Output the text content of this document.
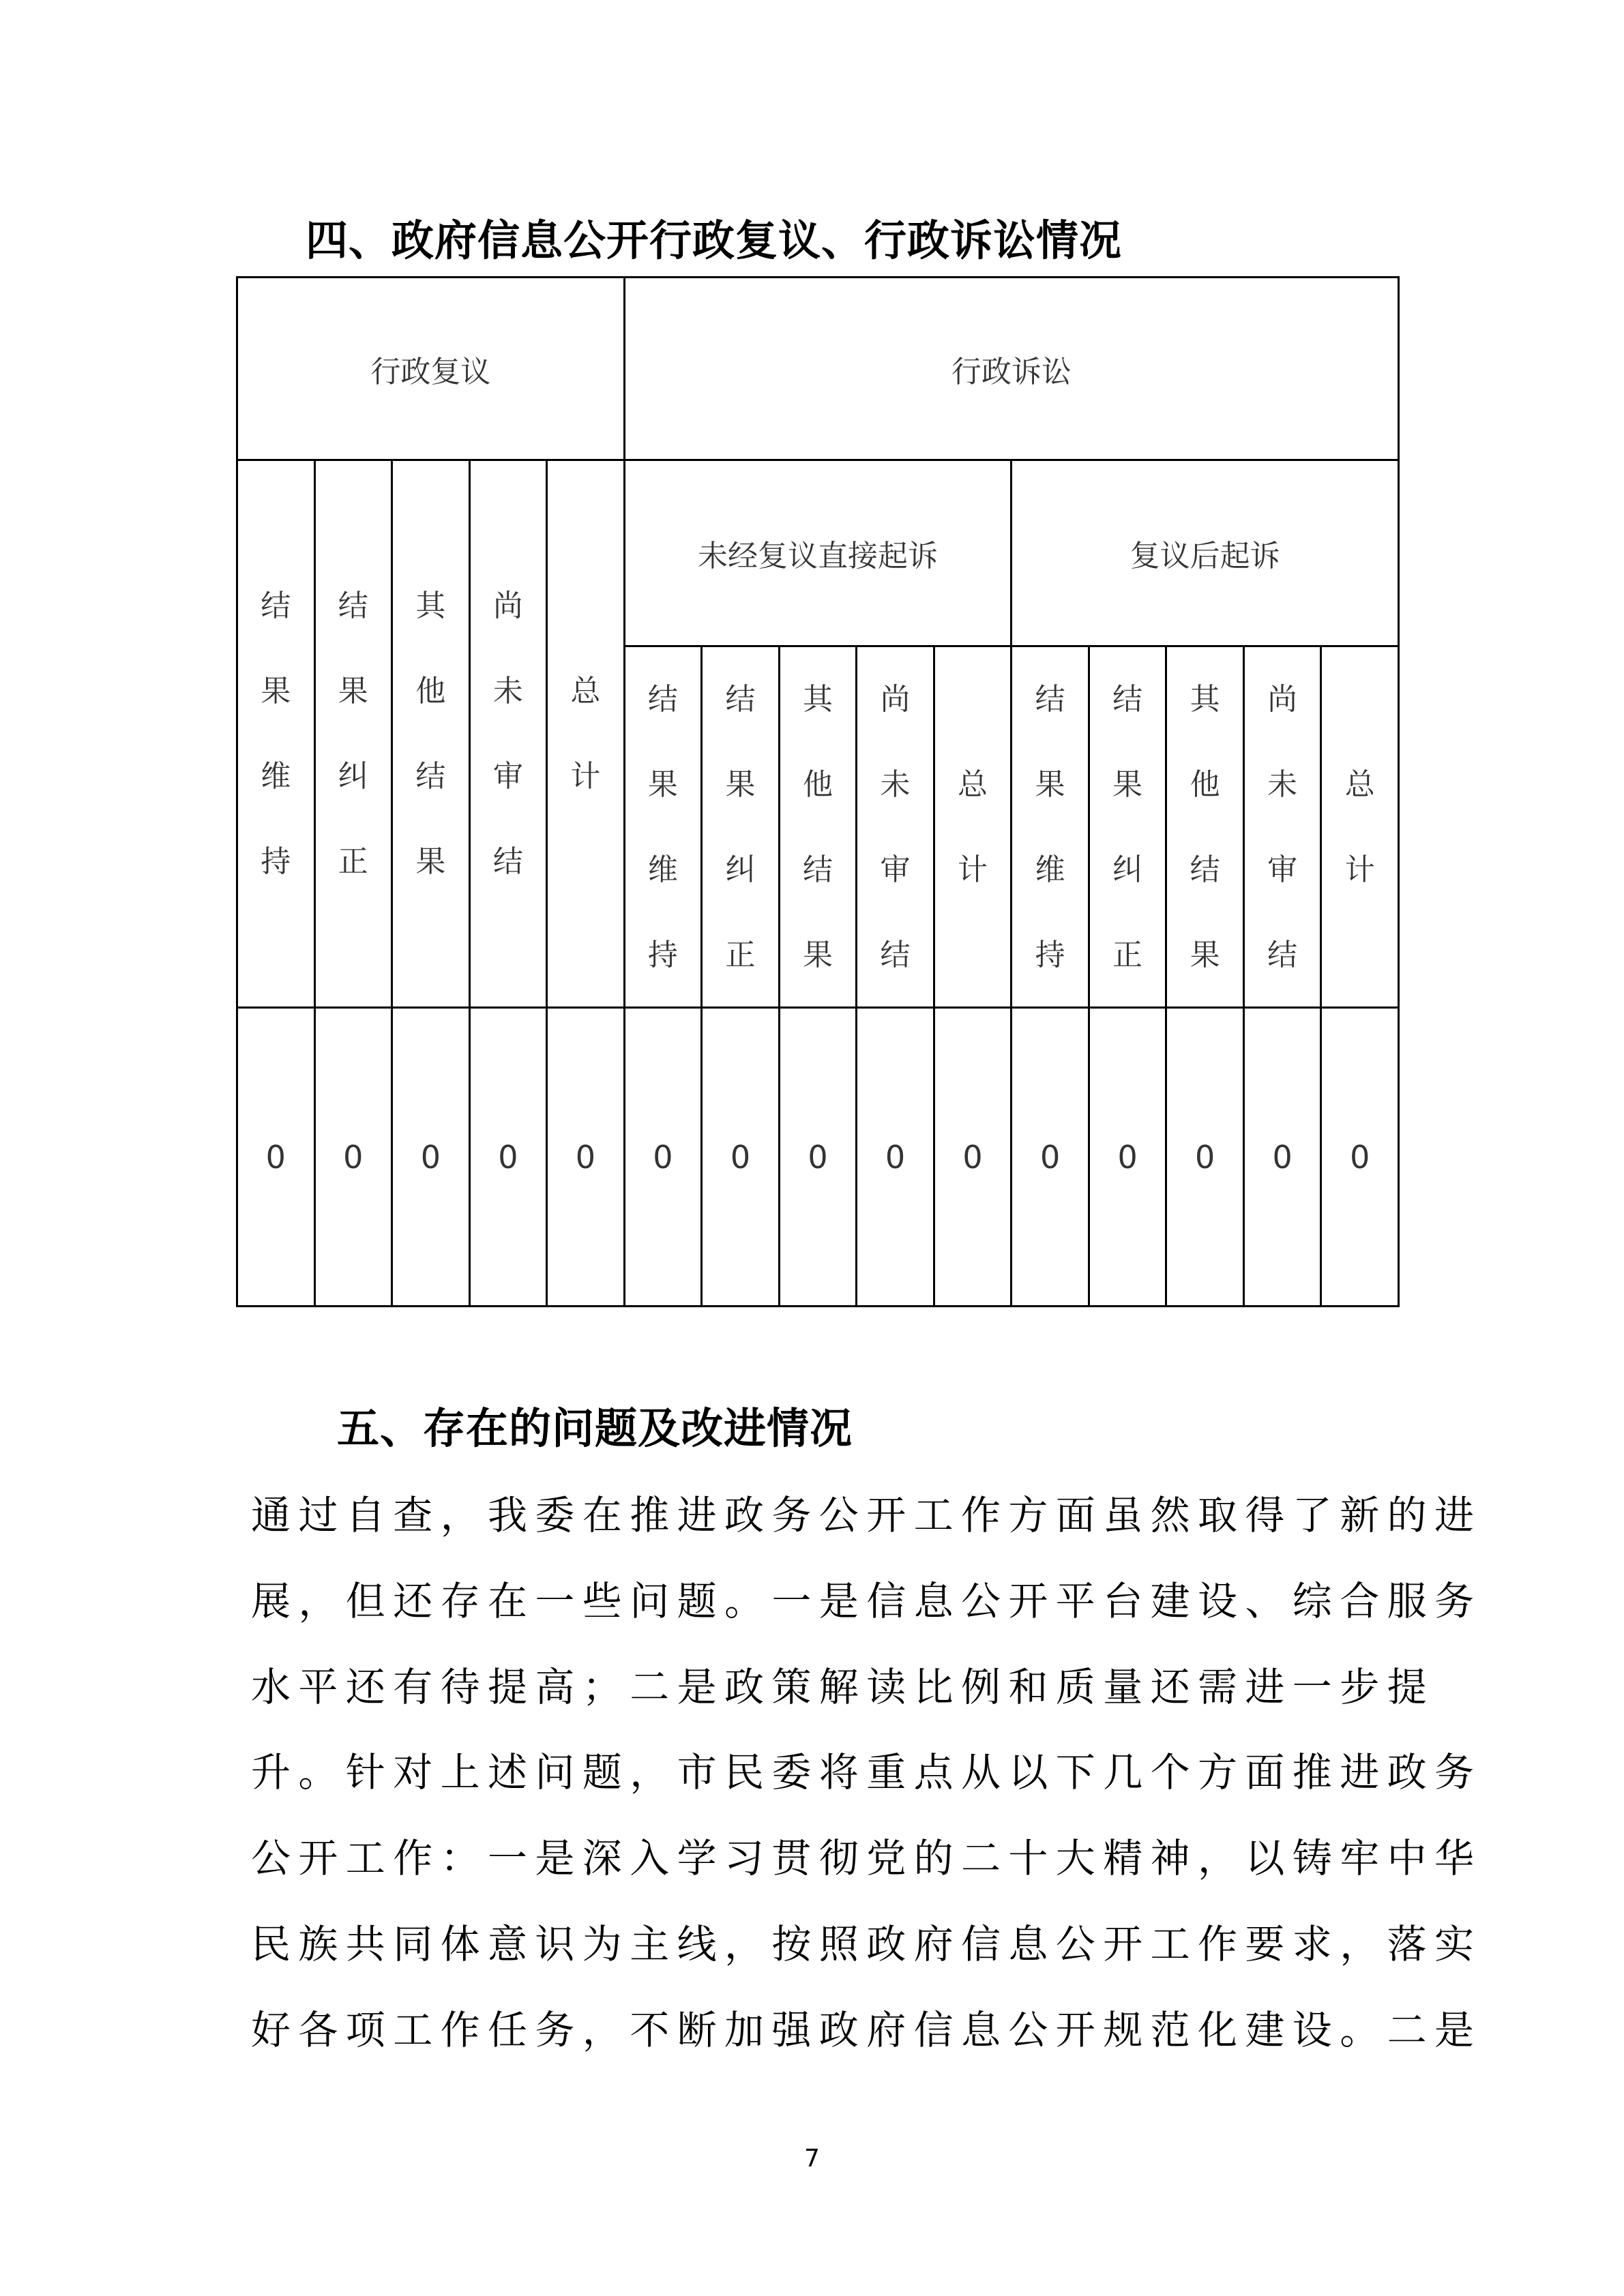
四、政府信息公开行政复议、行政诉讼情况
行政复议					行政诉讼									
结果维持	结果纠正	其他结果	尚未审结	总计	未经复议直接起诉					复议后起诉				
					结果维持	结果纠正	其他结果	尚未审结	总计	结果维持	结果纠正	其他结果	尚未审结	总计
0	0	0	0	0	0	0	0	0	0	0	0	0	0	0
五、存在的问题及改进情况
通过自查，我委在推进政务公开工作方面虽然取得了新的进
展，但还存在一些问题。一是信息公开平台建设、综合服务
水平还有待提高；二是政策解读比例和质量还需进一步提
升。针对上述问题，市民委将重点从以下几个方面推进政务
公开工作：一是深入学习贯彻党的二十大精神，以铸牢中华
民族共同体意识为主线，按照政府信息公开工作要求，落实
好各项工作任务，不断加强政府信息公开规范化建设。二是
7
